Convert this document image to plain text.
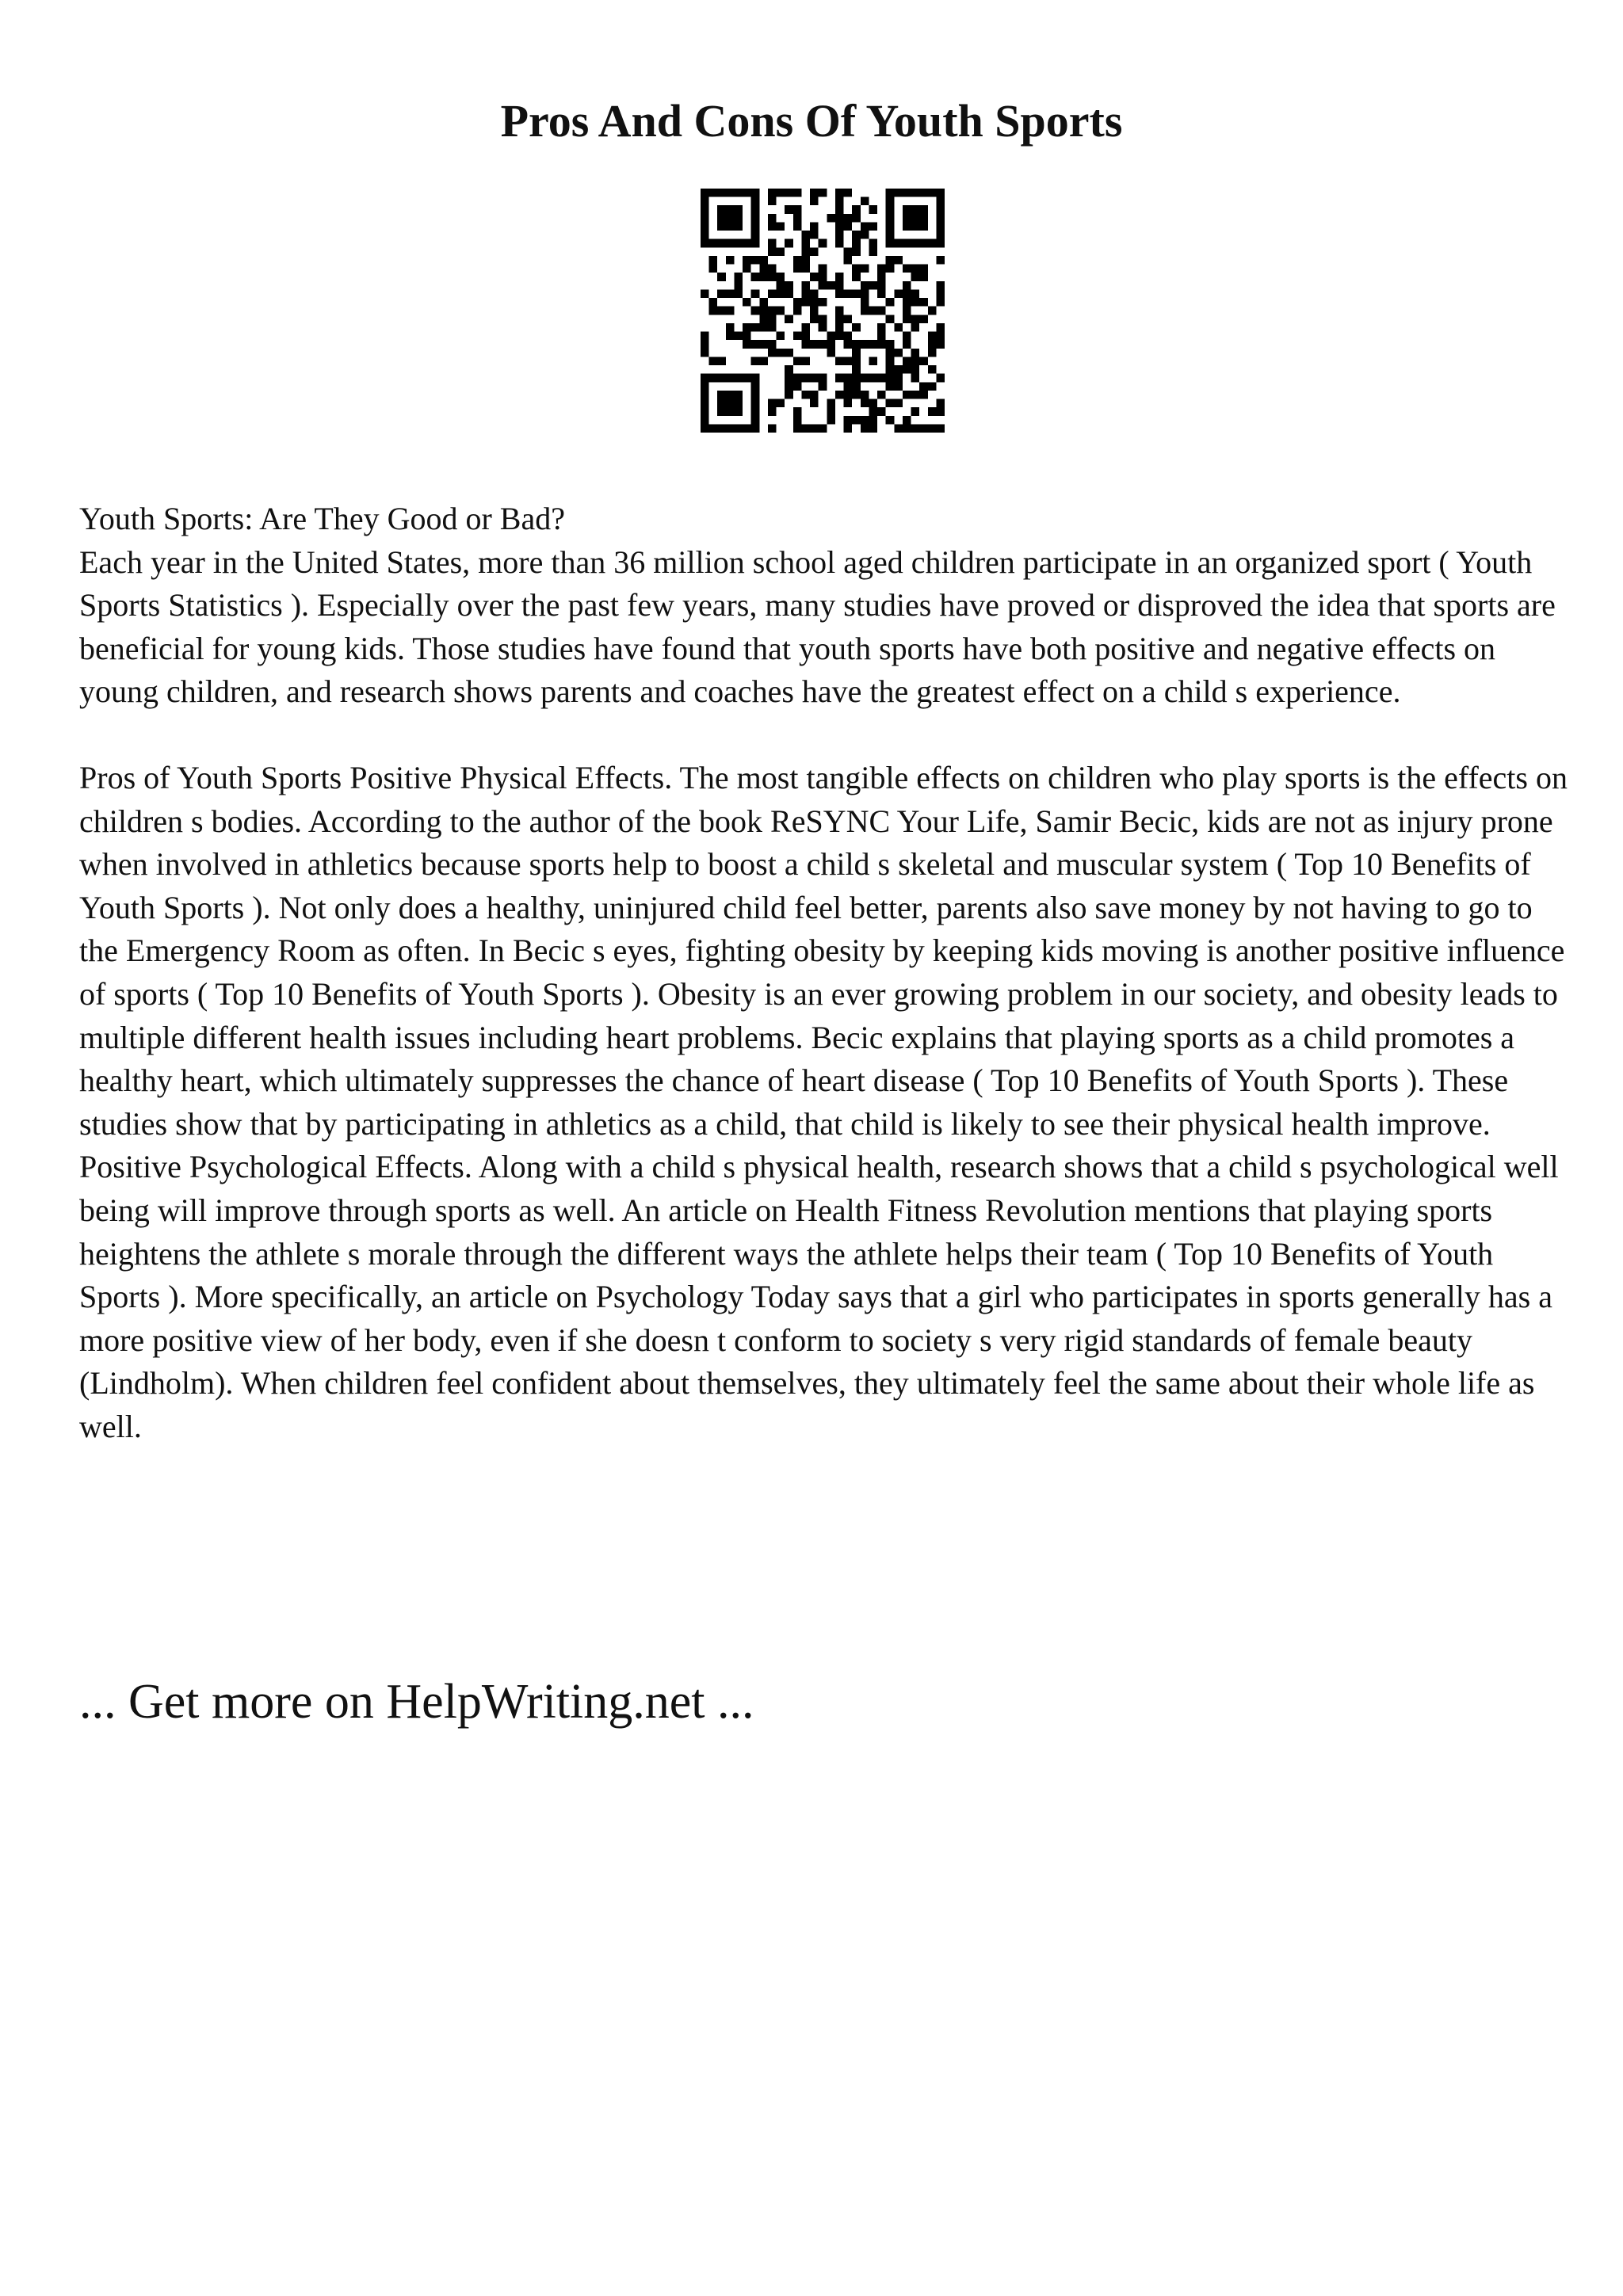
Pros And Cons Of Youth Sports

Youth Sports: Are They Good or Bad?

Each year in the United States, more than 36 million school aged children participate in an organized sport ( Youth Sports Statistics ). Especially over the past few years, many studies have proved or disproved the idea that sports are beneficial for young kids. Those studies have found that youth sports have both positive and negative effects on young children, and research shows parents and coaches have the greatest effect on a child s experience.

Pros of Youth Sports Positive Physical Effects. The most tangible effects on children who play sports is the effects on children s bodies. According to the author of the book ReSYNC Your Life, Samir Becic, kids are not as injury prone when involved in athletics because sports help to boost a child s skeletal and muscular system ( Top 10 Benefits of Youth Sports ). Not only does a healthy, uninjured child feel better, parents also save money by not having to go to the Emergency Room as often. In Becic s eyes, fighting obesity by keeping kids moving is another positive influence of sports ( Top 10 Benefits of Youth Sports ). Obesity is an ever growing problem in our society, and obesity leads to multiple different health issues including heart problems. Becic explains that playing sports as a child promotes a healthy heart, which ultimately suppresses the chance of heart disease ( Top 10 Benefits of Youth Sports ). These studies show that by participating in athletics as a child, that child is likely to see their physical health improve. Positive Psychological Effects. Along with a child s physical health, research shows that a child s psychological well being will improve through sports as well. An article on Health Fitness Revolution mentions that playing sports heightens the athlete s morale through the different ways the athlete helps their team ( Top 10 Benefits of Youth Sports ). More specifically, an article on Psychology Today says that a girl who participates in sports generally has a more positive view of her body, even if she doesn t conform to society s very rigid standards of female beauty (Lindholm). When children feel confident about themselves, they ultimately feel the same about their whole life as well.

... Get more on HelpWriting.net ...
